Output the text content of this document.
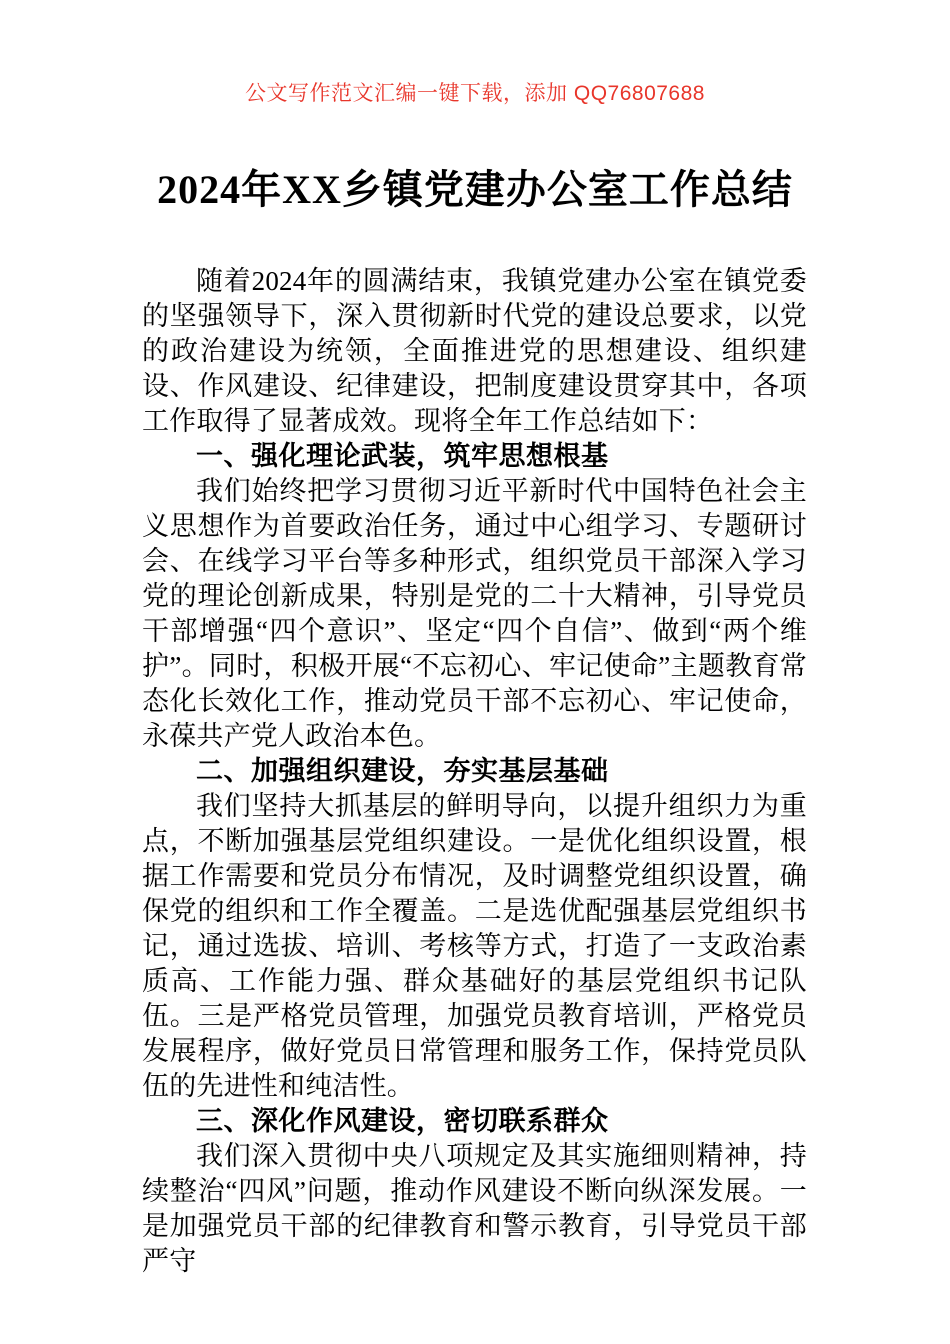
公文写作范文汇编一键下载，添加 QQ76807688
2024年XX乡镇党建办公室工作总结

随着2024年的圆满结束，我镇党建办公室在镇党委的坚强领导下，深入贯彻新时代党的建设总要求，以党的政治建设为统领，全面推进党的思想建设、组织建设、作风建设、纪律建设，把制度建设贯穿其中，各项工作取得了显著成效。现将全年工作总结如下：

一、强化理论武装，筑牢思想根基

我们始终把学习贯彻习近平新时代中国特色社会主义思想作为首要政治任务，通过中心组学习、专题研讨会、在线学习平台等多种形式，组织党员干部深入学习党的理论创新成果，特别是党的二十大精神，引导党员干部增强“四个意识”、坚定“四个自信”、做到“两个维护”。同时，积极开展“不忘初心、牢记使命”主题教育常态化长效化工作，推动党员干部不忘初心、牢记使命，永葆共产党人政治本色。

二、加强组织建设，夯实基层基础

我们坚持大抓基层的鲜明导向，以提升组织力为重点，不断加强基层党组织建设。一是优化组织设置，根据工作需要和党员分布情况，及时调整党组织设置，确保党的组织和工作全覆盖。二是选优配强基层党组织书记，通过选拔、培训、考核等方式，打造了一支政治素质高、工作能力强、群众基础好的基层党组织书记队伍。三是严格党员管理，加强党员教育培训，严格党员发展程序，做好党员日常管理和服务工作，保持党员队伍的先进性和纯洁性。

三、深化作风建设，密切联系群众

我们深入贯彻中央八项规定及其实施细则精神，持续整治“四风”问题，推动作风建设不断向纵深发展。一是加强党员干部的纪律教育和警示教育，引导党员干部严守
